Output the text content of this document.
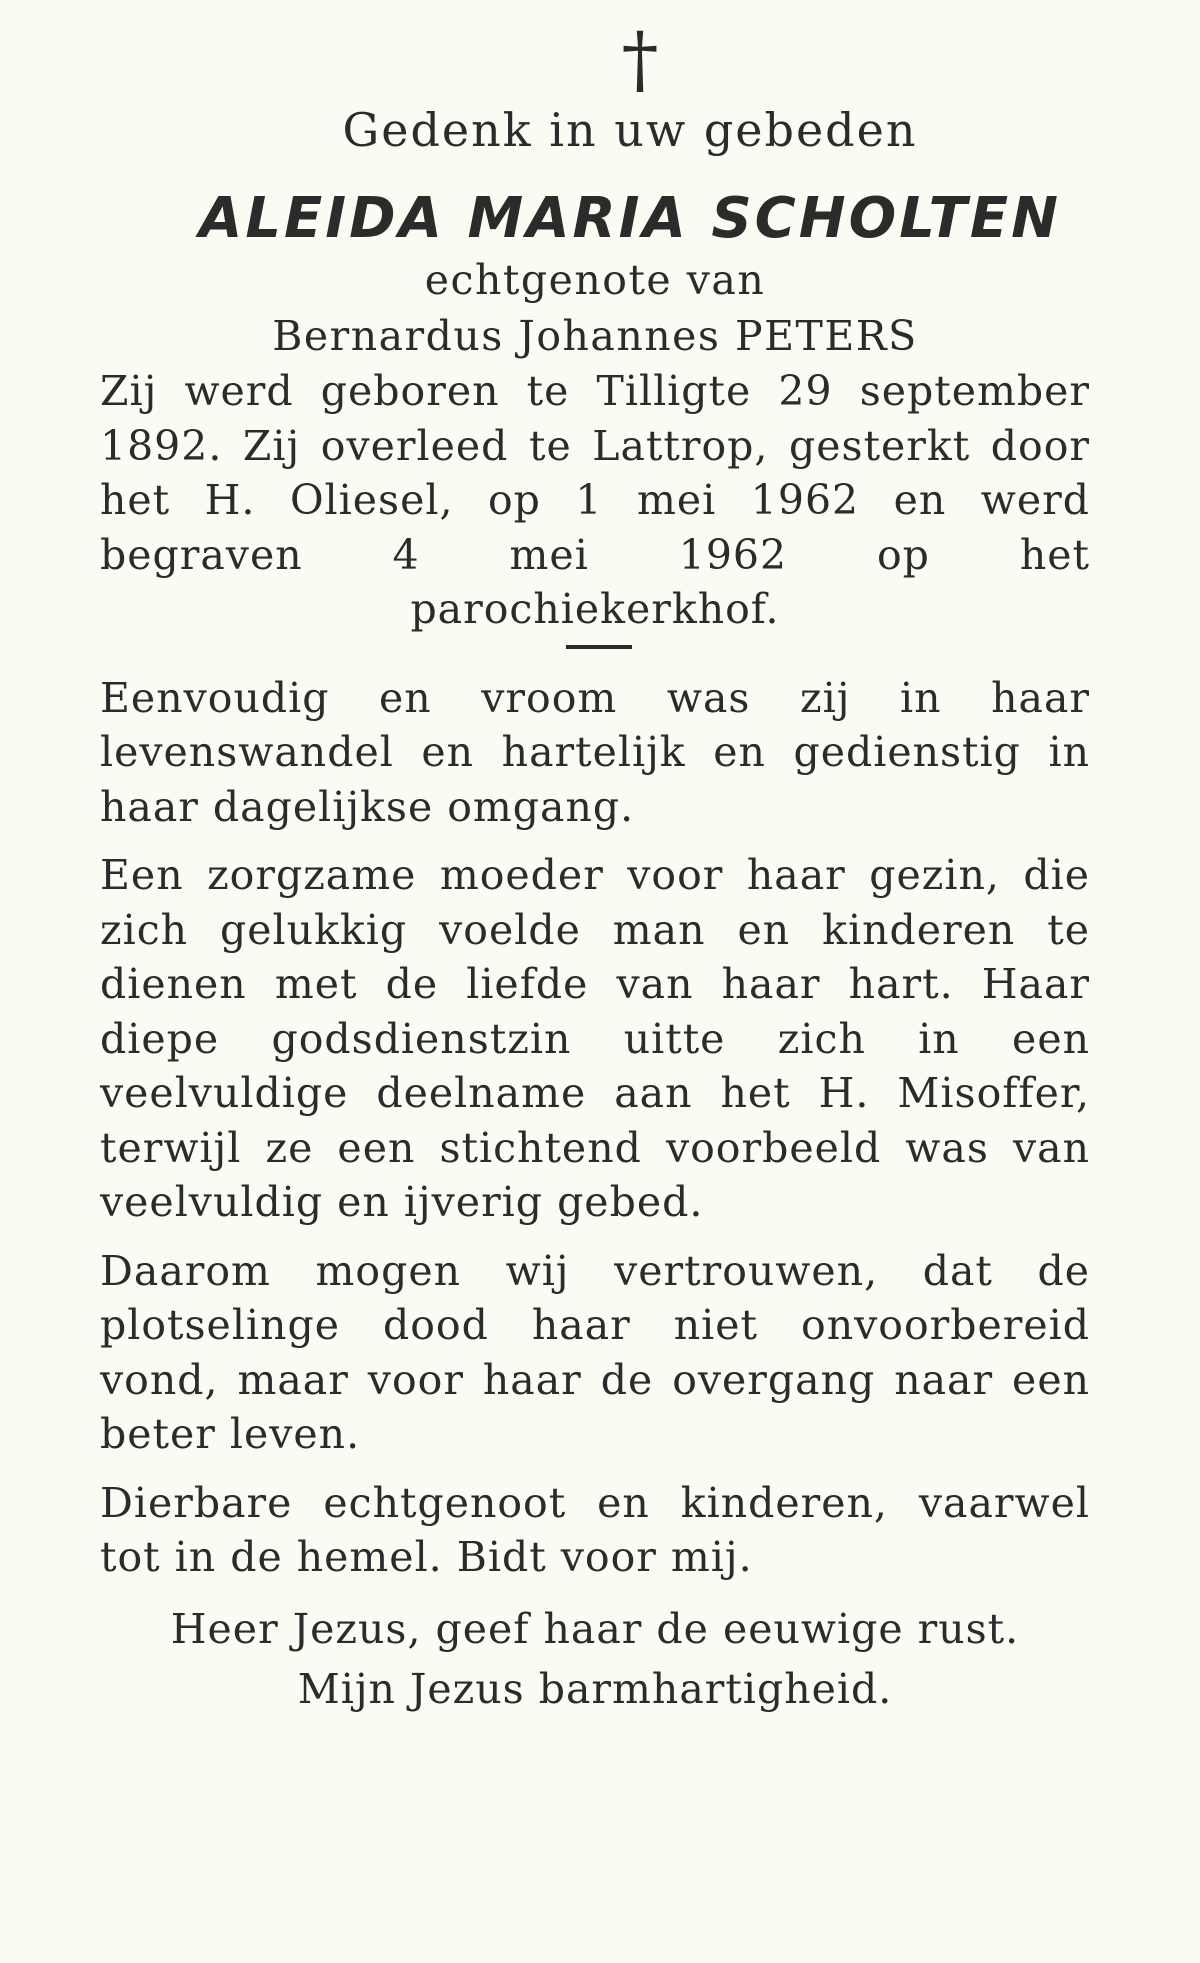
†

Gedenk in uw gebeden

ALEIDA MARIA SCHOLTEN

echtgenote van

Bernardus Johannes PETERS

Zij werd geboren te Tilligte 29 september 1892. Zij overleed te Lattrop, gesterkt door het H. Oliesel, op 1 mei 1962 en werd begraven 4 mei 1962 op het parochiekerkhof.

Eenvoudig en vroom was zij in haar levenswandel en hartelijk en gedienstig in haar dagelijkse omgang.

Een zorgzame moeder voor haar gezin, die zich gelukkig voelde man en kinderen te dienen met de liefde van haar hart. Haar diepe godsdienstzin uitte zich in een veelvuldige deelname aan het H. Misoffer, terwijl ze een stichtend voorbeeld was van veelvuldig en ijverig gebed.

Daarom mogen wij vertrouwen, dat de plotselinge dood haar niet onvoorbereid vond, maar voor haar de overgang naar een beter leven.

Dierbare echtgenoot en kinderen, vaarwel tot in de hemel. Bidt voor mij.

Heer Jezus, geef haar de eeuwige rust.

Mijn Jezus barmhartigheid.
